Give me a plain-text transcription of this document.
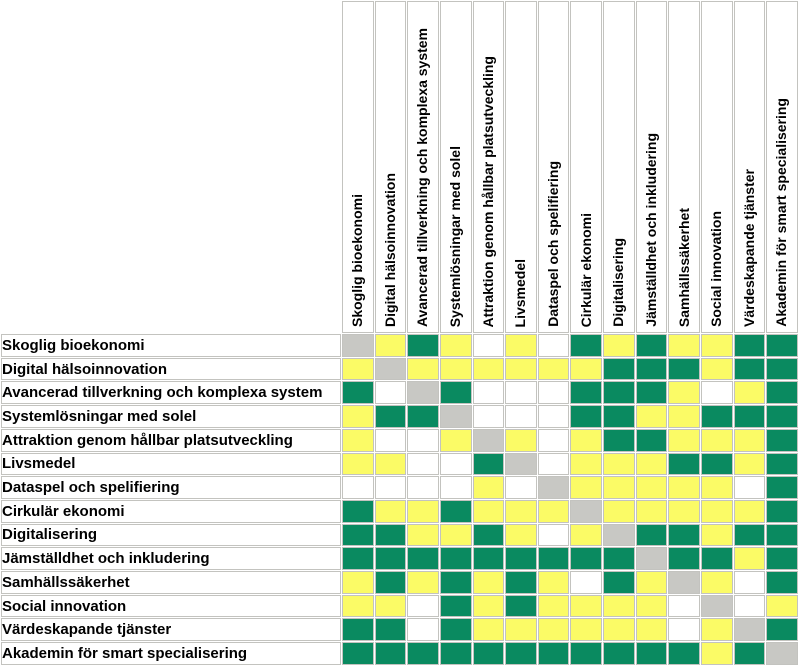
	Skoglig bioekonomi	Digital hälsoinnovation	Avancerad tillverkning och komplexa system	Systemlösningar med solel	Attraktion genom hållbar platsutveckling	Livsmedel	Dataspel och spelifiering	Cirkulär ekonomi	Digitalisering	Jämställdhet och inkludering	Samhällssäkerhet	Social innovation	Värdeskapande tjänster	Akademin för smart specialisering
Skoglig bioekonomi														
Digital hälsoinnovation														
Avancerad tillverkning och komplexa system														
Systemlösningar med solel														
Attraktion genom hållbar platsutveckling														
Livsmedel														
Dataspel och spelifiering														
Cirkulär ekonomi														
Digitalisering														
Jämställdhet och inkludering														
Samhällssäkerhet														
Social innovation														
Värdeskapande tjänster														
Akademin för smart specialisering														
